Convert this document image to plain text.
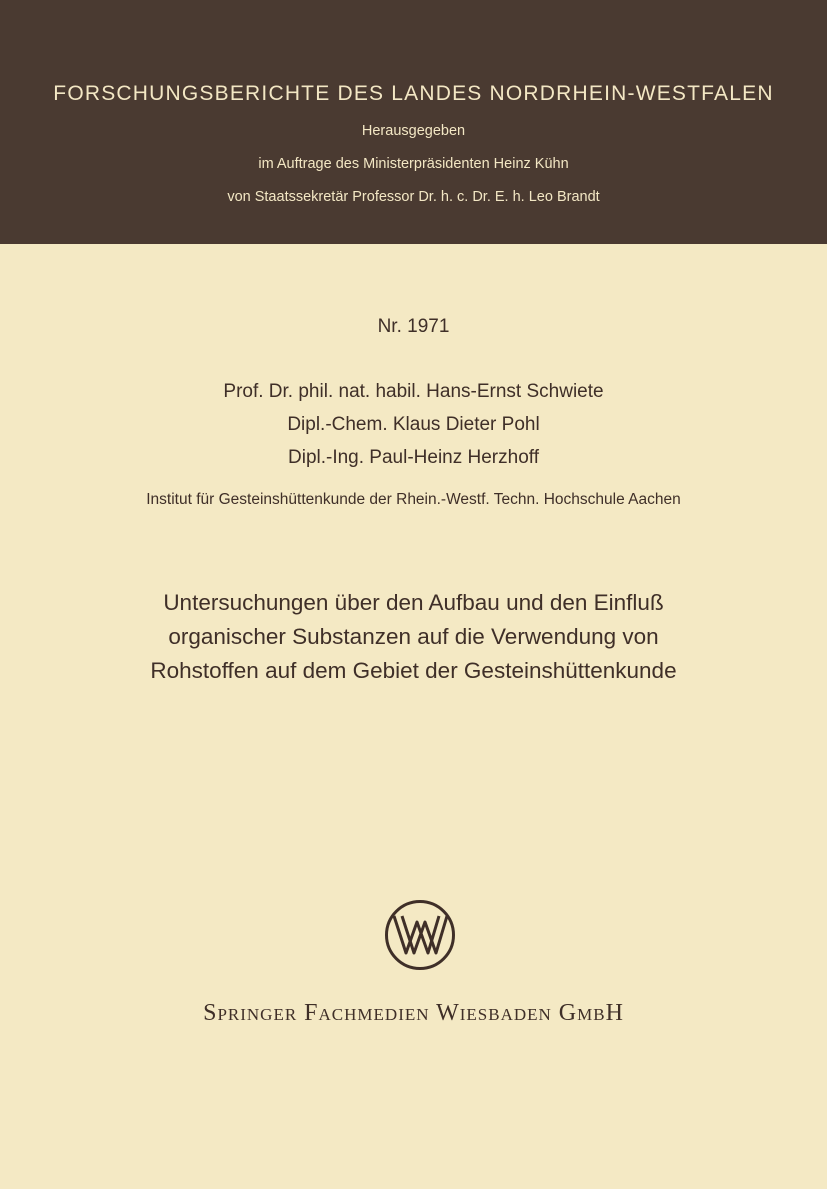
FORSCHUNGSBERICHTE DES LANDES NORDRHEIN-WESTFALEN
Herausgegeben
im Auftrage des Ministerpräsidenten Heinz Kühn
von Staatssekretär Professor Dr. h. c. Dr. E. h. Leo Brandt
Nr. 1971
Prof. Dr. phil. nat. habil. Hans-Ernst Schwiete
Dipl.-Chem. Klaus Dieter Pohl
Dipl.-Ing. Paul-Heinz Herzhoff
Institut für Gesteinshüttenkunde der Rhein.-Westf. Techn. Hochschule Aachen
Untersuchungen über den Aufbau und den Einfluß
organischer Substanzen auf die Verwendung von
Rohstoffen auf dem Gebiet der Gesteinshüttenkunde
Springer Fachmedien Wiesbaden GmbH
